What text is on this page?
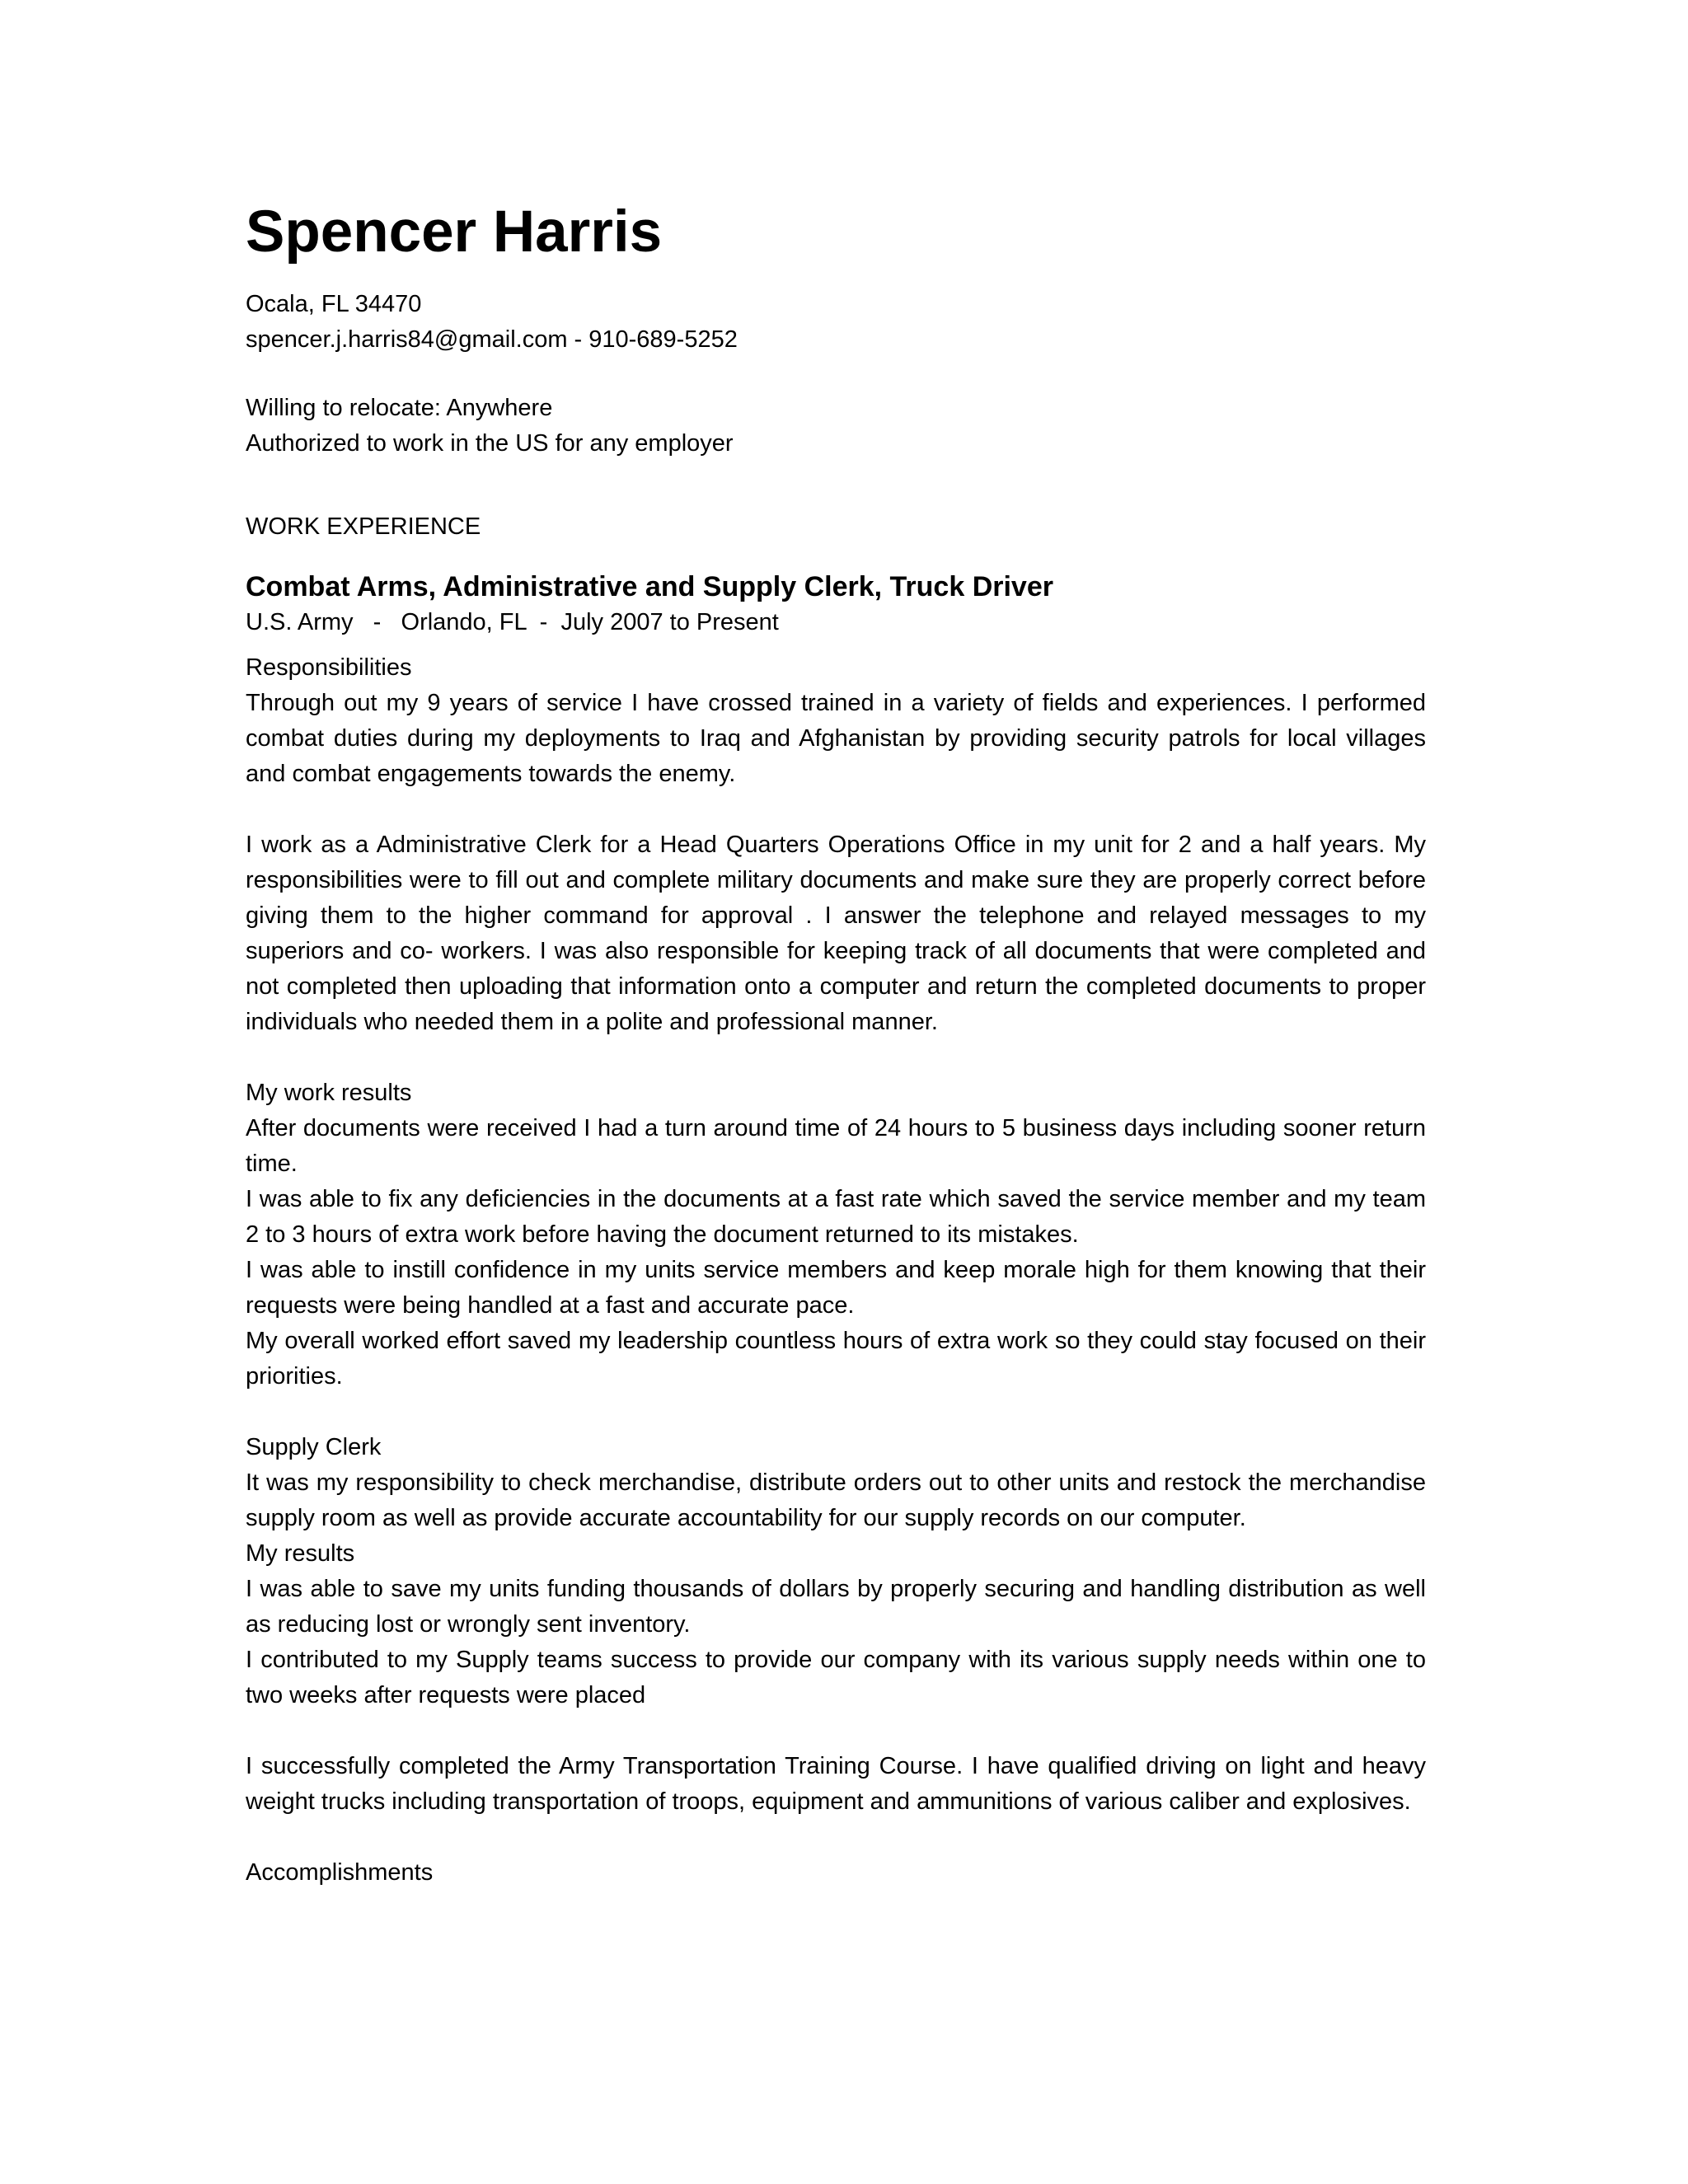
Spencer Harris

Ocala, FL 34470

spencer.j.harris84@gmail.com - 910-689-5252

Willing to relocate: Anywhere

Authorized to work in the US for any employer

WORK EXPERIENCE

Combat Arms, Administrative and Supply Clerk, Truck Driver
U.S. Army   -   Orlando, FL  -  July 2007 to Present

Responsibilities

Through out my 9 years of service I have crossed trained in a variety of fields and experiences. I performed combat duties during my deployments to Iraq and Afghanistan by providing security patrols for local villages and combat engagements towards the enemy.

I work as a Administrative Clerk for a Head Quarters Operations Office in my unit for 2 and a half years. My responsibilities were to fill out and complete military documents and make sure they are properly correct before giving them to the higher command for approval . I answer the telephone and relayed messages to my superiors and co- workers. I was also responsible for keeping track of all documents that were completed and not completed then uploading that information onto a computer and return the completed documents to proper individuals who needed them in a polite and professional manner.

My work results

After documents were received I had a turn around time of 24 hours to 5 business days including sooner return time.

I was able to fix any deficiencies in the documents at a fast rate which saved the service member and my team 2 to 3 hours of extra work before having the document returned to its mistakes.

I was able to instill confidence in my units service members and keep morale high for them knowing that their requests were being handled at a fast and accurate pace.

My overall worked effort saved my leadership countless hours of extra work so they could stay focused on their priorities.

Supply Clerk

It was my responsibility to check merchandise, distribute orders out to other units and restock the merchandise supply room as well as provide accurate accountability for our supply records on our computer.

My results

I was able to save my units funding thousands of dollars by properly securing and handling distribution as well as reducing lost or wrongly sent inventory.

I contributed to my Supply teams success to provide our company with its various supply needs within one to two weeks after requests were placed

I successfully completed the Army Transportation Training Course. I have qualified driving on light and heavy weight trucks including transportation of troops, equipment and ammunitions of various caliber and explosives.

Accomplishments
